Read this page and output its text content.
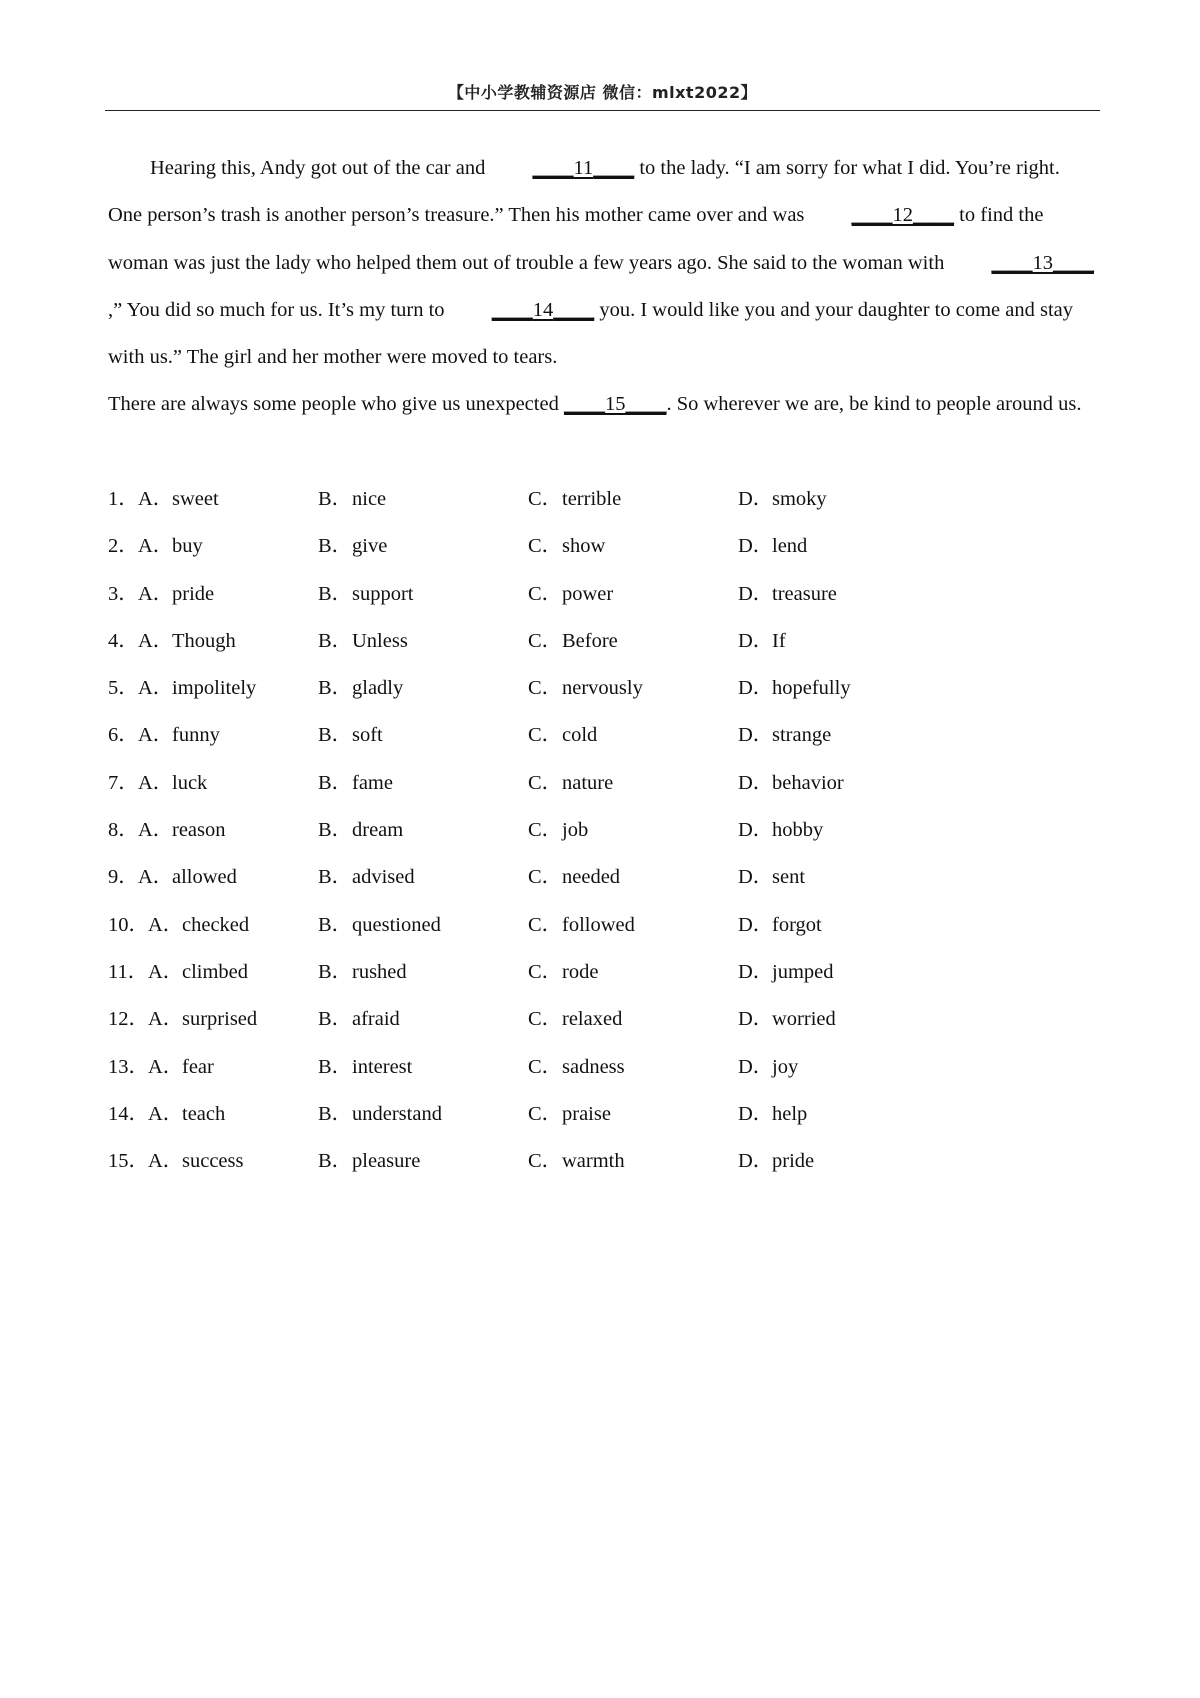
【中小学教辅资源店 微信：mlxt2022】

Hearing this, Andy got out of the car and ____11____ to the lady. “I am sorry for what I did. You’re right. One person’s trash is another person’s treasure.” Then his mother came over and was ____12____ to find the woman was just the lady who helped them out of trouble a few years ago. She said to the woman with ____13____,” You did so much for us. It’s my turn to ____14____ you. I would like you and your daughter to come and stay with us.” The girl and her mother were moved to tears.

There are always some people who give us unexpected ____15____. So wherever we are, be kind to people around us.

1． A．sweet	B．nice	C．terrible	D．smoky
2． A．buy	B．give	C．show	D．lend
3． A．pride	B．support	C．power	D．treasure
4． A．Though	B．Unless	C．Before	D．If
5． A．impolitely	B．gladly	C．nervously	D．hopefully
6． A．funny	B．soft	C．cold	D．strange
7． A．luck	B．fame	C．nature	D．behavior
8． A．reason	B．dream	C．job	D．hobby
9． A．allowed	B．advised	C．needed	D．sent
10． A．checked	B．questioned	C．followed	D．forgot
11． A．climbed	B．rushed	C．rode	D．jumped
12． A．surprised	B．afraid	C．relaxed	D．worried
13． A．fear	B．interest	C．sadness	D．joy
14． A．teach	B．understand	C．praise	D．help
15． A．success	B．pleasure	C．warmth	D．pride
